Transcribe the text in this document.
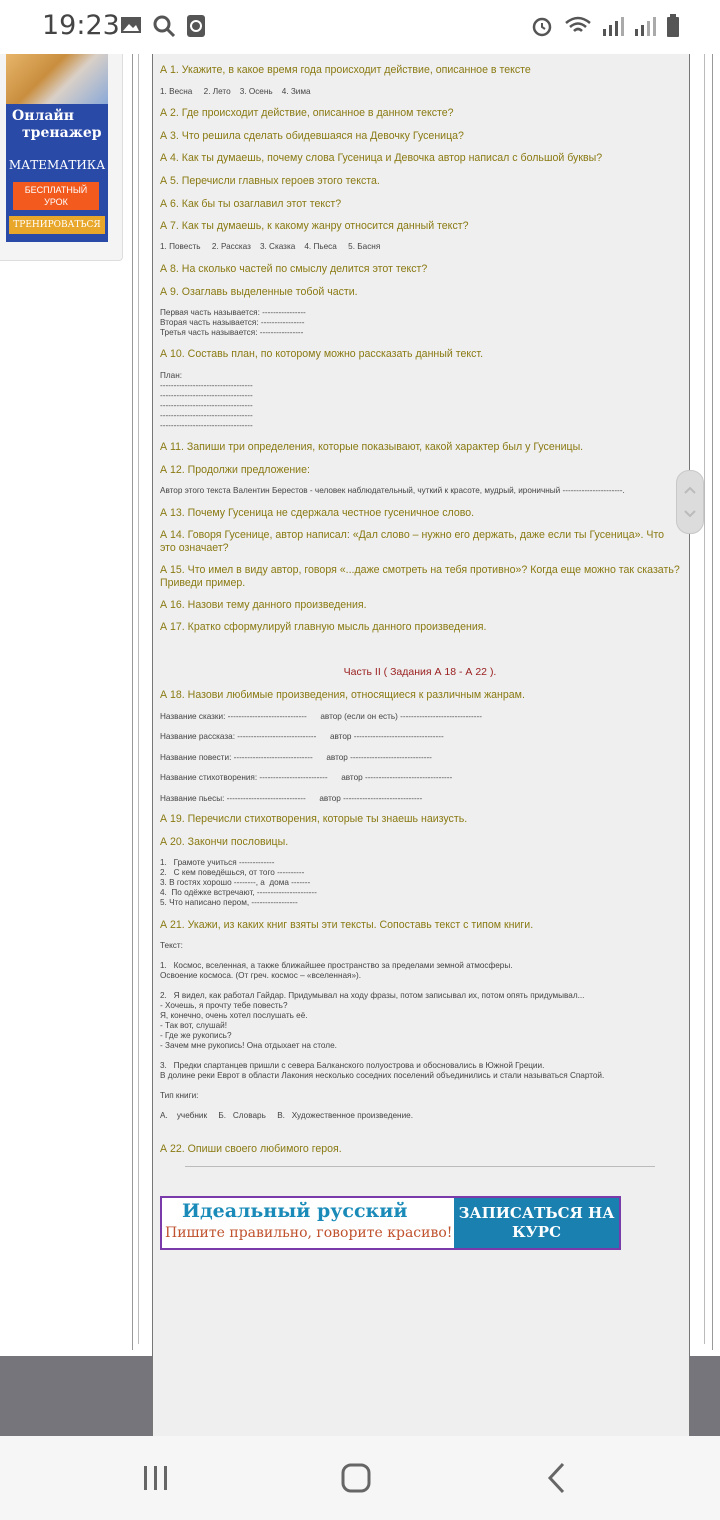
19:23
Онлайн
тренажер
МАТЕМАТИКА
БЕСПЛАТНЫЙ УРОК
ТРЕНИРОВАТЬСЯ
А 1. Укажите, в какое время года происходит действие, описанное в тексте
1. Весна     2. Лето    3. Осень    4. Зима
А 2. Где происходит действие, описанное в данном тексте?
А 3. Что решила сделать обидевшаяся на Девочку Гусеница?
А 4. Как ты думаешь, почему слова Гусеница и Девочка автор написал с большой буквы?
А 5. Перечисли главных героев этого текста.
А 6. Как бы ты озаглавил этот текст?
А 7. Как ты думаешь, к какому жанру относится данный текст?
1. Повесть     2. Рассказ    3. Сказка    4. Пьеса     5. Басня
А 8. На сколько частей по смыслу делится этот текст?
А 9. Озаглавь выделенные тобой части.
Первая часть называется: ----------------
Вторая часть называется: ----------------
Третья часть называется: ----------------
А 10. Составь план, по которому можно рассказать данный текст.
План:
----------------------------------
----------------------------------
----------------------------------
----------------------------------
----------------------------------
А 11. Запиши три определения, которые показывают, какой характер был у Гусеницы.
А 12. Продолжи предложение:
Автор этого текста Валентин Берестов - человек наблюдательный, чуткий к красоте, мудрый, ироничный ----------------------.
А 13. Почему Гусеница не сдержала честное гусеничное слово.
А 14. Говоря Гусенице, автор написал: «Дал слово – нужно его держать, даже если ты Гусеница». Что это означает?
А 15. Что имел в виду автор, говоря «...даже смотреть на тебя противно»? Когда еще можно так сказать? Приведи пример.
А 16. Назови тему данного произведения.
А 17. Кратко сформулируй главную мысль данного произведения.
Часть II ( Задания А 18 - А 22 ).
А 18. Назови любимые произведения, относящиеся к различным жанрам.
Название сказки: -----------------------------      автор (если он есть) ------------------------------
Название рассказа: -----------------------------      автор ---------------------------------
Название повести: -----------------------------      автор ------------------------------
Название стихотворения: -------------------------      автор --------------------------------
Название пьесы: -----------------------------      автор -----------------------------
А 19. Перечисли стихотворения, которые ты знаешь наизусть.
А 20. Закончи пословицы.
1.   Грамоте учиться -------------
2.   С кем поведёшься, от того ----------
3. В гостях хорошо --------, а  дома -------
4.  По одёжке встречают, ----------------------
5. Что написано пером, -----------------
А 21. Укажи, из каких книг взяты эти тексты. Сопоставь текст с типом книги.
Текст:
1.   Космос, вселенная, а также ближайшее пространство за пределами земной атмосферы.
Освоение космоса. (От греч. космос – «вселенная»).
2.   Я видел, как работал Гайдар. Придумывал на ходу фразы, потом записывал их, потом опять придумывал...
- Хочешь, я прочту тебе повесть?
Я, конечно, очень хотел послушать её.
- Так вот, слушай!
- Где же рукопись?
- Зачем мне рукопись! Она отдыхает на столе.
3.   Предки спартанцев пришли с севера Балканского полуострова и обосновались в Южной Греции.
В долине реки Еврот в области Лакония несколько соседних поселений объединились и стали называться Спартой.
Тип книги:
А.    учебник     Б.   Словарь     В.   Художественное произведение.
А 22. Опиши своего любимого героя.
Идеальный русский
Пишите правильно, говорите красиво!
ЗАПИСАТЬСЯ НА КУРС
